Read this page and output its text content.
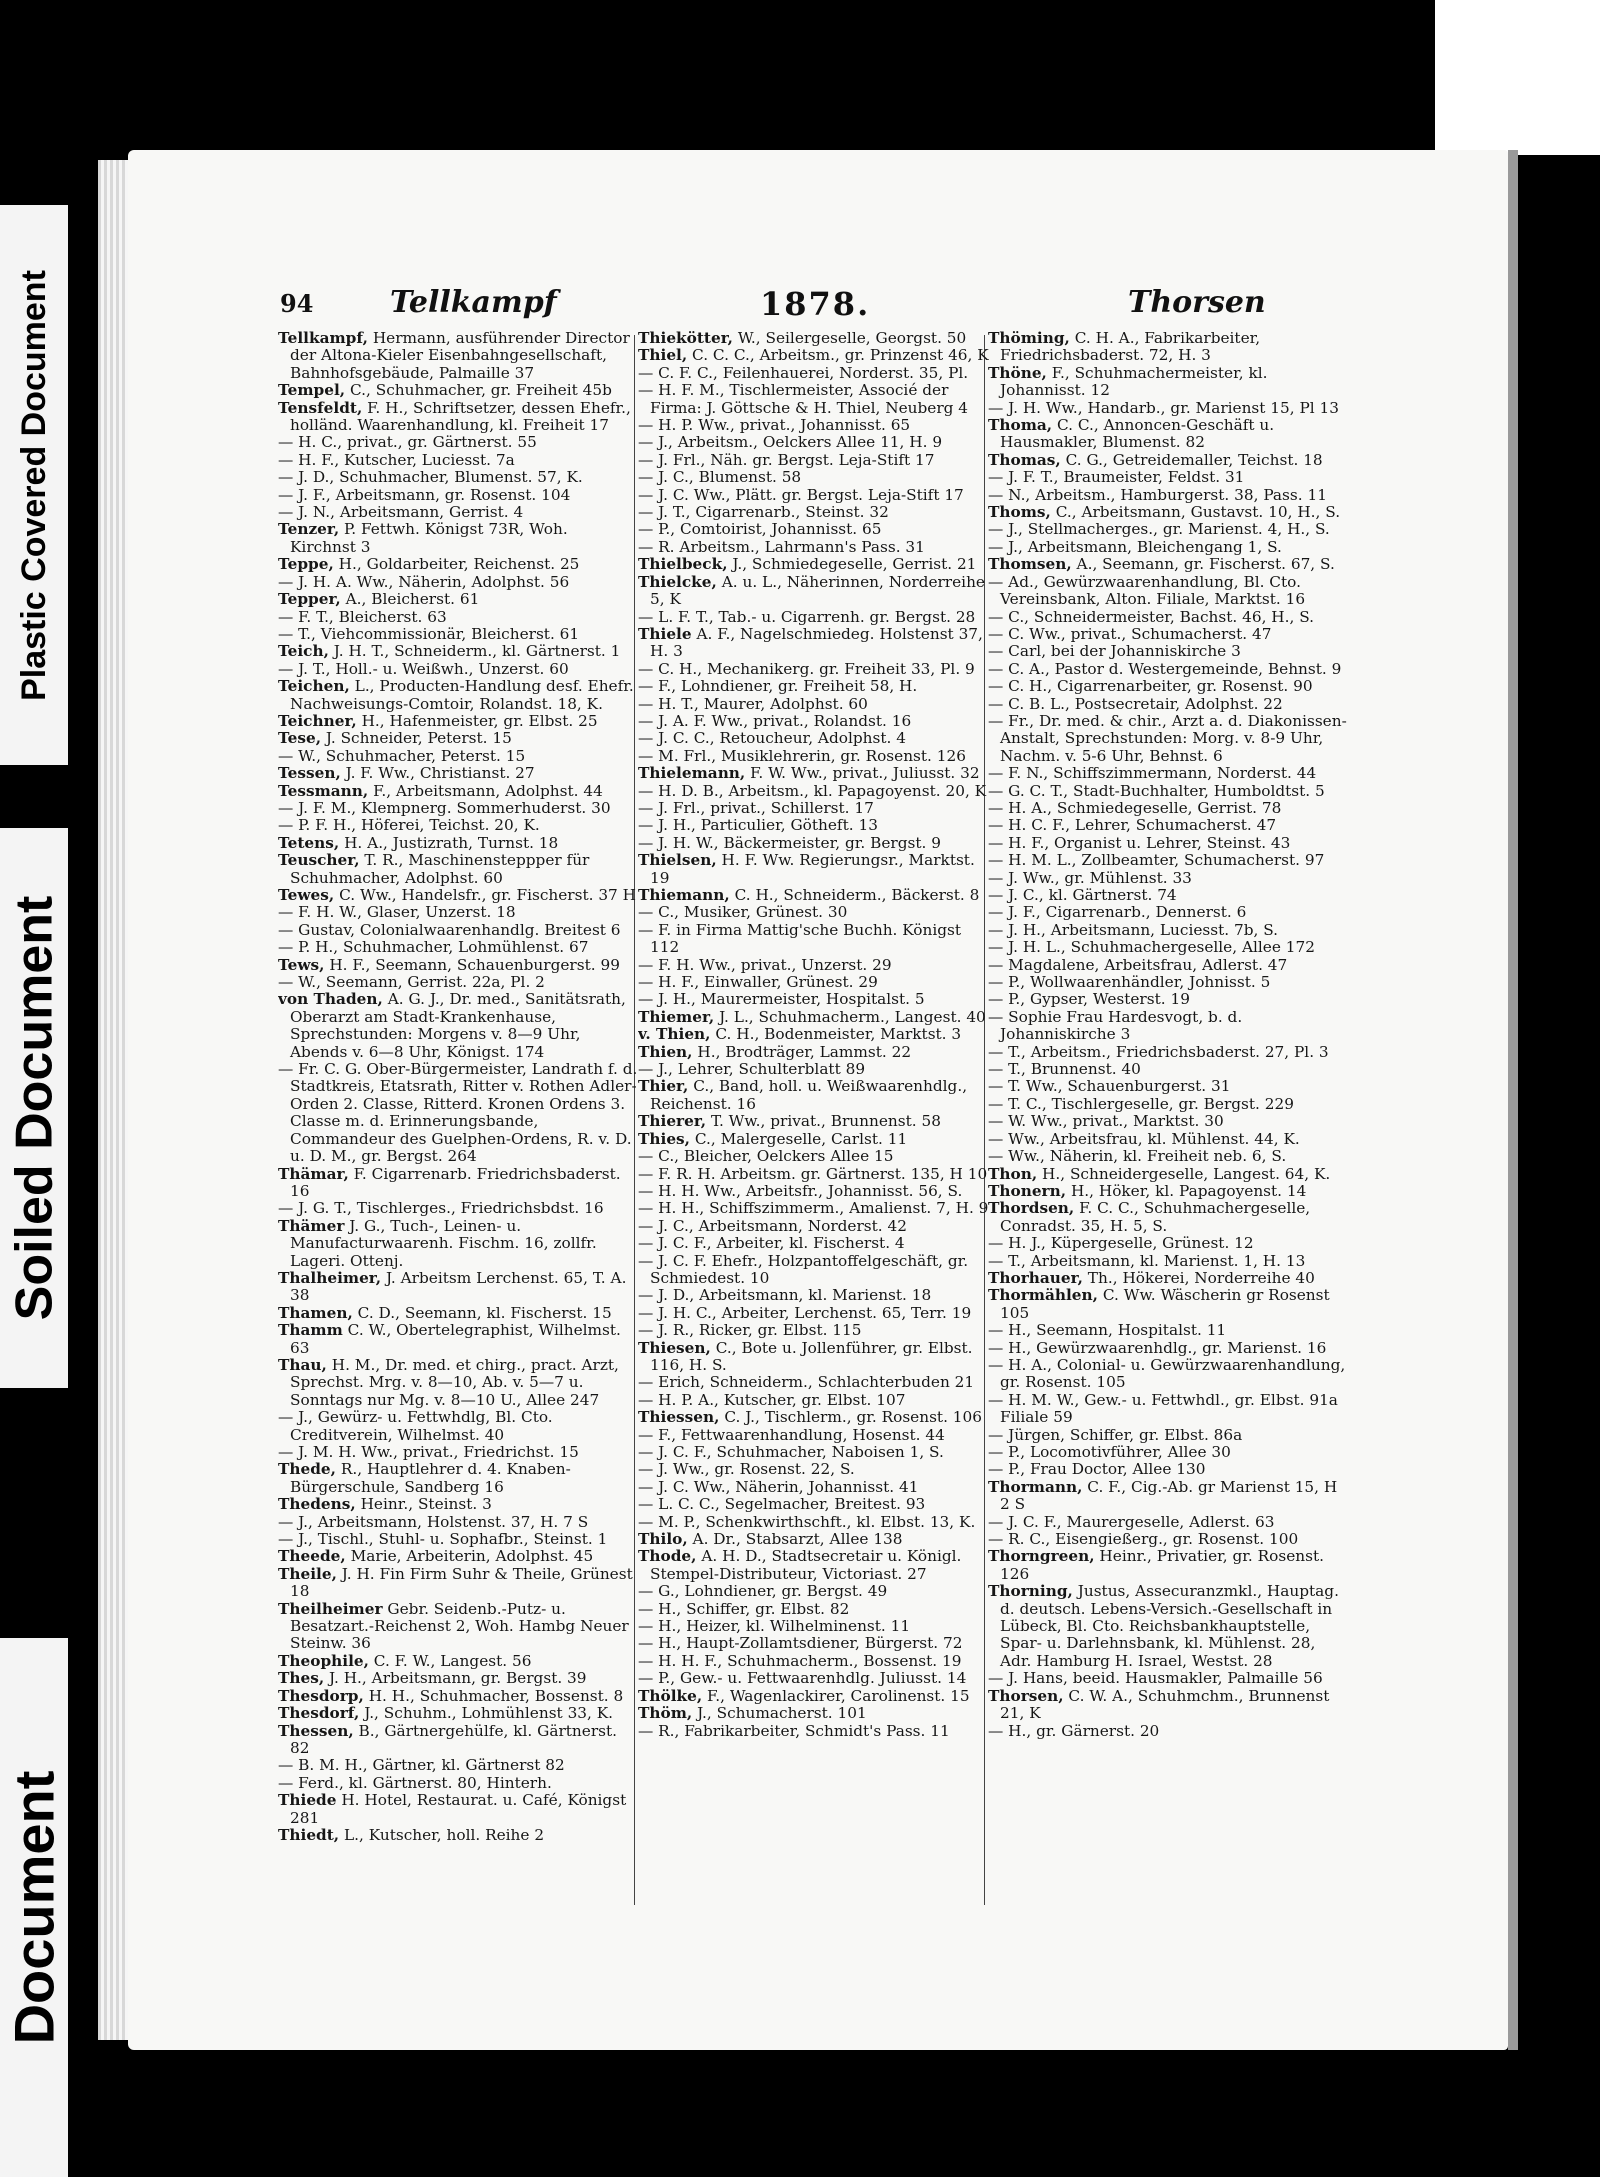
Plastic Covered Document
Soiled Document
Document
94	Tellkampf	1878.	Thorsen

Tellkampf, Hermann, ausführender Director der Altona-Kieler Eisenbahngesellschaft, Bahnhofsgebäude, Palmaille 37

Tempel, C., Schuhmacher, gr. Freiheit 45b

Tensfeldt, F. H., Schriftsetzer, dessen Ehefr., holländ. Waarenhandlung, kl. Freiheit 17

— H. C., privat., gr. Gärtnerst. 55

— H. F., Kutscher, Luciesst. 7a

— J. D., Schuhmacher, Blumenst. 57, K.

— J. F., Arbeitsmann, gr. Rosenst. 104

— J. N., Arbeitsmann, Gerrist. 4

Tenzer, P. Fettwh. Königst 73R, Woh. Kirchnst 3

Teppe, H., Goldarbeiter, Reichenst. 25

— J. H. A. Ww., Näherin, Adolphst. 56

Tepper, A., Bleicherst. 61

— F. T., Bleicherst. 63

— T., Viehcommissionär, Bleicherst. 61

Teich, J. H. T., Schneiderm., kl. Gärtnerst. 1

— J. T., Holl.- u. Weißwh., Unzerst. 60

Teichen, L., Producten-Handlung desf. Ehefr. Nachweisungs-Comtoir, Rolandst. 18, K.

Teichner, H., Hafenmeister, gr. Elbst. 25

Tese, J. Schneider, Peterst. 15

— W., Schuhmacher, Peterst. 15

Tessen, J. F. Ww., Christianst. 27

Tessmann, F., Arbeitsmann, Adolphst. 44

— J. F. M., Klempnerg. Sommerhuderst. 30

— P. F. H., Höferei, Teichst. 20, K.

Tetens, H. A., Justizrath, Turnst. 18

Teuscher, T. R., Maschinensteppper für Schuhmacher, Adolphst. 60

Tewes, C. Ww., Handelsfr., gr. Fischerst. 37 H

— F. H. W., Glaser, Unzerst. 18

— Gustav, Colonialwaarenhandlg. Breitest 6

— P. H., Schuhmacher, Lohmühlenst. 67

Tews, H. F., Seemann, Schauenburgerst. 99

— W., Seemann, Gerrist. 22a, Pl. 2

von Thaden, A. G. J., Dr. med., Sanitätsrath, Oberarzt am Stadt-Krankenhause, Sprechstunden: Morgens v. 8—9 Uhr, Abends v. 6—8 Uhr, Königst. 174

— Fr. C. G. Ober-Bürgermeister, Landrath f. d. Stadtkreis, Etatsrath, Ritter v. Rothen Adler-Orden 2. Classe, Ritterd. Kronen Ordens 3. Classe m. d. Erinnerungsbande, Commandeur des Guelphen-Ordens, R. v. D. u. D. M., gr. Bergst. 264

Thämar, F. Cigarrenarb. Friedrichsbaderst. 16

— J. G. T., Tischlerges., Friedrichsbdst. 16

Thämer J. G., Tuch-, Leinen- u. Manufacturwaarenh. Fischm. 16, zollfr. Lageri. Ottenj.

Thalheimer, J. Arbeitsm Lerchenst. 65, T. A. 38

Thamen, C. D., Seemann, kl. Fischerst. 15

Thamm C. W., Obertelegraphist, Wilhelmst. 63

Thau, H. M., Dr. med. et chirg., pract. Arzt, Sprechst. Mrg. v. 8—10, Ab. v. 5—7 u. Sonntags nur Mg. v. 8—10 U., Allee 247

— J., Gewürz- u. Fettwhdlg, Bl. Cto. Creditverein, Wilhelmst. 40

— J. M. H. Ww., privat., Friedrichst. 15

Thede, R., Hauptlehrer d. 4. Knaben-Bürgerschule, Sandberg 16

Thedens, Heinr., Steinst. 3

— J., Arbeitsmann, Holstenst. 37, H. 7 S

— J., Tischl., Stuhl- u. Sophafbr., Steinst. 1

Theede, Marie, Arbeiterin, Adolphst. 45

Theile, J. H. Fin Firm Suhr & Theile, Grünest 18

Theilheimer Gebr. Seidenb.-Putz- u. Besatzart.-Reichenst 2, Woh. Hambg Neuer Steinw. 36

Theophile, C. F. W., Langest. 56

Thes, J. H., Arbeitsmann, gr. Bergst. 39

Thesdorp, H. H., Schuhmacher, Bossenst. 8

Thesdorf, J., Schuhm., Lohmühlenst 33, K.

Thessen, B., Gärtnergehülfe, kl. Gärtnerst. 82

— B. M. H., Gärtner, kl. Gärtnerst 82

— Ferd., kl. Gärtnerst. 80, Hinterh.

Thiede H. Hotel, Restaurat. u. Café, Königst 281

Thiedt, L., Kutscher, holl. Reihe 2

Thiekötter, W., Seilergeselle, Georgst. 50

Thiel, C. C. C., Arbeitsm., gr. Prinzenst 46, K

— C. F. C., Feilenhauerei, Norderst. 35, Pl.

— H. F. M., Tischlermeister, Associé der Firma: J. Göttsche & H. Thiel, Neuberg 4

— H. P. Ww., privat., Johannisst. 65

— J., Arbeitsm., Oelckers Allee 11, H. 9

— J. Frl., Näh. gr. Bergst. Leja-Stift 17

— J. C., Blumenst. 58

— J. C. Ww., Plätt. gr. Bergst. Leja-Stift 17

— J. T., Cigarrenarb., Steinst. 32

— P., Comtoirist, Johannisst. 65

— R. Arbeitsm., Lahrmann's Pass. 31

Thielbeck, J., Schmiedegeselle, Gerrist. 21

Thielcke, A. u. L., Näherinnen, Norderreihe 5, K

— L. F. T., Tab.- u. Cigarrenh. gr. Bergst. 28

Thiele A. F., Nagelschmiedeg. Holstenst 37, H. 3

— C. H., Mechanikerg. gr. Freiheit 33, Pl. 9

— F., Lohndiener, gr. Freiheit 58, H.

— H. T., Maurer, Adolphst. 60

— J. A. F. Ww., privat., Rolandst. 16

— J. C. C., Retoucheur, Adolphst. 4

— M. Frl., Musiklehrerin, gr. Rosenst. 126

Thielemann, F. W. Ww., privat., Juliusst. 32

— H. D. B., Arbeitsm., kl. Papagoyenst. 20, K

— J. Frl., privat., Schillerst. 17

— J. H., Particulier, Götheft. 13

— J. H. W., Bäckermeister, gr. Bergst. 9

Thielsen, H. F. Ww. Regierungsr., Marktst. 19

Thiemann, C. H., Schneiderm., Bäckerst. 8

— C., Musiker, Grünest. 30

— F. in Firma Mattig'sche Buchh. Königst 112

— F. H. Ww., privat., Unzerst. 29

— H. F., Einwaller, Grünest. 29

— J. H., Maurermeister, Hospitalst. 5

Thiemer, J. L., Schuhmacherm., Langest. 40

v. Thien, C. H., Bodenmeister, Marktst. 3

Thien, H., Brodträger, Lammst. 22

— J., Lehrer, Schulterblatt 89

Thier, C., Band, holl. u. Weißwaarenhdlg., Reichenst. 16

Thierer, T. Ww., privat., Brunnenst. 58

Thies, C., Malergeselle, Carlst. 11

— C., Bleicher, Oelckers Allee 15

— F. R. H. Arbeitsm. gr. Gärtnerst. 135, H 10

— H. H. Ww., Arbeitsfr., Johannisst. 56, S.

— H. H., Schiffszimmerm., Amalienst. 7, H. 9

— J. C., Arbeitsmann, Norderst. 42

— J. C. F., Arbeiter, kl. Fischerst. 4

— J. C. F. Ehefr., Holzpantoffelgeschäft, gr. Schmiedest. 10

— J. D., Arbeitsmann, kl. Marienst. 18

— J. H. C., Arbeiter, Lerchenst. 65, Terr. 19

— J. R., Ricker, gr. Elbst. 115

Thiesen, C., Bote u. Jollenführer, gr. Elbst. 116, H. S.

— Erich, Schneiderm., Schlachterbuden 21

— H. P. A., Kutscher, gr. Elbst. 107

Thiessen, C. J., Tischlerm., gr. Rosenst. 106

— F., Fettwaarenhandlung, Hosenst. 44

— J. C. F., Schuhmacher, Naboisen 1, S.

— J. Ww., gr. Rosenst. 22, S.

— J. C. Ww., Näherin, Johannisst. 41

— L. C. C., Segelmacher, Breitest. 93

— M. P., Schenkwirthschft., kl. Elbst. 13, K.

Thilo, A. Dr., Stabsarzt, Allee 138

Thode, A. H. D., Stadtsecretair u. Königl. Stempel-Distributeur, Victoriast. 27

— G., Lohndiener, gr. Bergst. 49

— H., Schiffer, gr. Elbst. 82

— H., Heizer, kl. Wilhelminenst. 11

— H., Haupt-Zollamtsdiener, Bürgerst. 72

— H. H. F., Schuhmacherm., Bossenst. 19

— P., Gew.- u. Fettwaarenhdlg. Juliusst. 14

Thölke, F., Wagenlackirer, Carolinenst. 15

Thöm, J., Schumacherst. 101

— R., Fabrikarbeiter, Schmidt's Pass. 11

Thöming, C. H. A., Fabrikarbeiter, Friedrichsbaderst. 72, H. 3

Thöne, F., Schuhmachermeister, kl. Johannisst. 12

— J. H. Ww., Handarb., gr. Marienst 15, Pl 13

Thoma, C. C., Annoncen-Geschäft u. Hausmakler, Blumenst. 82

Thomas, C. G., Getreidemaller, Teichst. 18

— J. F. T., Braumeister, Feldst. 31

— N., Arbeitsm., Hamburgerst. 38, Pass. 11

Thoms, C., Arbeitsmann, Gustavst. 10, H., S.

— J., Stellmacherges., gr. Marienst. 4, H., S.

— J., Arbeitsmann, Bleichengang 1, S.

Thomsen, A., Seemann, gr. Fischerst. 67, S.

— Ad., Gewürzwaarenhandlung, Bl. Cto. Vereinsbank, Alton. Filiale, Marktst. 16

— C., Schneidermeister, Bachst. 46, H., S.

— C. Ww., privat., Schumacherst. 47

— Carl, bei der Johanniskirche 3

— C. A., Pastor d. Westergemeinde, Behnst. 9

— C. H., Cigarrenarbeiter, gr. Rosenst. 90

— C. B. L., Postsecretair, Adolphst. 22

— Fr., Dr. med. & chir., Arzt a. d. Diakonissen-Anstalt, Sprechstunden: Morg. v. 8-9 Uhr, Nachm. v. 5-6 Uhr, Behnst. 6

— F. N., Schiffszimmermann, Norderst. 44

— G. C. T., Stadt-Buchhalter, Humboldtst. 5

— H. A., Schmiedegeselle, Gerrist. 78

— H. C. F., Lehrer, Schumacherst. 47

— H. F., Organist u. Lehrer, Steinst. 43

— H. M. L., Zollbeamter, Schumacherst. 97

— J. Ww., gr. Mühlenst. 33

— J. C., kl. Gärtnerst. 74

— J. F., Cigarrenarb., Dennerst. 6

— J. H., Arbeitsmann, Luciesst. 7b, S.

— J. H. L., Schuhmachergeselle, Allee 172

— Magdalene, Arbeitsfrau, Adlerst. 47

— P., Wollwaarenhändler, Johnisst. 5

— P., Gypser, Westerst. 19

— Sophie Frau Hardesvogt, b. d. Johanniskirche 3

— T., Arbeitsm., Friedrichsbaderst. 27, Pl. 3

— T., Brunnenst. 40

— T. Ww., Schauenburgerst. 31

— T. C., Tischlergeselle, gr. Bergst. 229

— W. Ww., privat., Marktst. 30

— Ww., Arbeitsfrau, kl. Mühlenst. 44, K.

— Ww., Näherin, kl. Freiheit neb. 6, S.

Thon, H., Schneidergeselle, Langest. 64, K.

Thonern, H., Höker, kl. Papagoyenst. 14

Thordsen, F. C. C., Schuhmachergeselle, Conradst. 35, H. 5, S.

— H. J., Küpergeselle, Grünest. 12

— T., Arbeitsmann, kl. Marienst. 1, H. 13

Thorhauer, Th., Hökerei, Norderreihe 40

Thormählen, C. Ww. Wäscherin gr Rosenst 105

— H., Seemann, Hospitalst. 11

— H., Gewürzwaarenhdlg., gr. Marienst. 16

— H. A., Colonial- u. Gewürzwaarenhandlung, gr. Rosenst. 105

— H. M. W., Gew.- u. Fettwhdl., gr. Elbst. 91a Filiale 59

— Jürgen, Schiffer, gr. Elbst. 86a

— P., Locomotivführer, Allee 30

— P., Frau Doctor, Allee 130

Thormann, C. F., Cig.-Ab. gr Marienst 15, H 2 S

— J. C. F., Maurergeselle, Adlerst. 63

— R. C., Eisengießerg., gr. Rosenst. 100

Thorngreen, Heinr., Privatier, gr. Rosenst. 126

Thorning, Justus, Assecuranzmkl., Hauptag. d. deutsch. Lebens-Versich.-Gesellschaft in Lübeck, Bl. Cto. Reichsbankhauptstelle, Spar- u. Darlehnsbank, kl. Mühlenst. 28, Adr. Hamburg H. Israel, Westst. 28

— J. Hans, beeid. Hausmakler, Palmaille 56

Thorsen, C. W. A., Schuhmchm., Brunnenst 21, K

— H., gr. Gärnerst. 20
